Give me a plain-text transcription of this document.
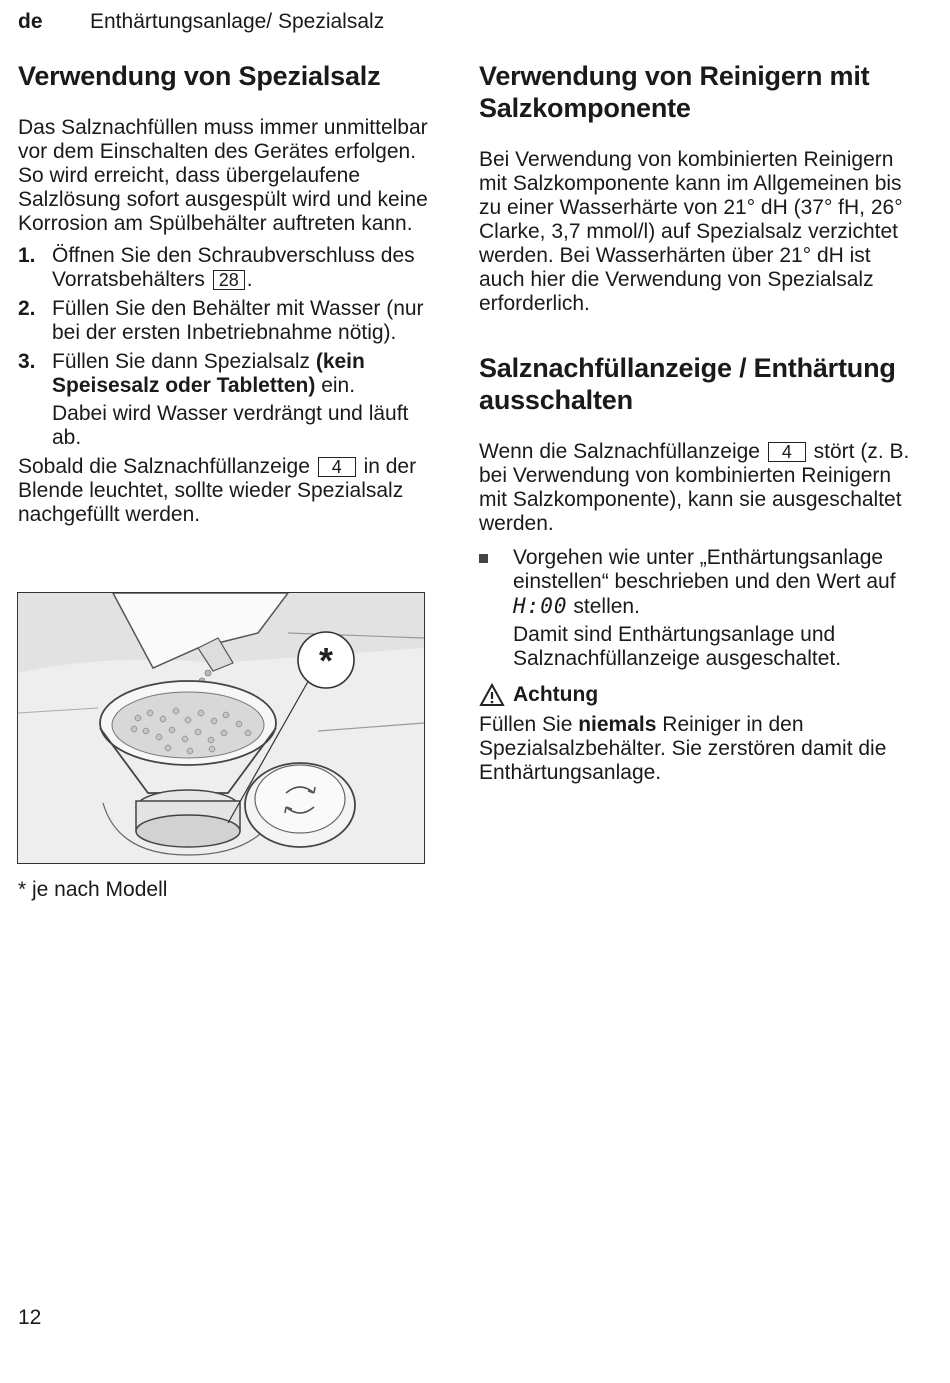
de Enthärtungsanlage/ Spezialsalz
Verwendung von Spezialsalz

Das Salznachfüllen muss immer unmittelbar vor dem Einschalten des Gerätes erfolgen. So wird erreicht, dass übergelaufene Salzlösung sofort ausgespült wird und keine Korrosion am Spülbehälter auftreten kann.

1. Öffnen Sie den Schraubverschluss des Vorratsbehälters 28 .
2. Füllen Sie den Behälter mit Wasser (nur bei der ersten Inbetriebnahme nötig).
3. Füllen Sie dann Spezialsalz (kein Speisesalz oder Tabletten) ein.

Dabei wird Wasser verdrängt und läuft ab.

Sobald die Salznachfüllanzeige 4 in der Blende leuchtet, sollte wieder Spezialsalz nachgefüllt werden.

*
* je nach Modell
Verwendung von Reinigern mit Salzkomponente

Bei Verwendung von kombinierten Reinigern mit Salzkomponente kann im Allgemeinen bis zu einer Wasserhärte von 21° dH (37° fH, 26° Clarke, 3,7 mmol/l) auf Spezialsalz verzichtet werden. Bei Wasserhärten über 21° dH ist auch hier die Verwendung von Spezialsalz erforderlich.

Salznachfüllanzeige / Enthärtung ausschalten

Wenn die Salznachfüllanzeige 4 stört (z. B. bei Verwendung von kombinierten Reinigern mit Salzkomponente), kann sie ausgeschaltet werden.

Vorgehen wie unter „Enthärtungsanlage einstellen“ beschrieben und den Wert auf H:00 stellen.

Damit sind Enthärtungsanlage und Salznachfüllanzeige ausgeschaltet.

Achtung

Füllen Sie niemals Reiniger in den Spezialsalzbehälter. Sie zerstören damit die Enthärtungsanlage.

12
